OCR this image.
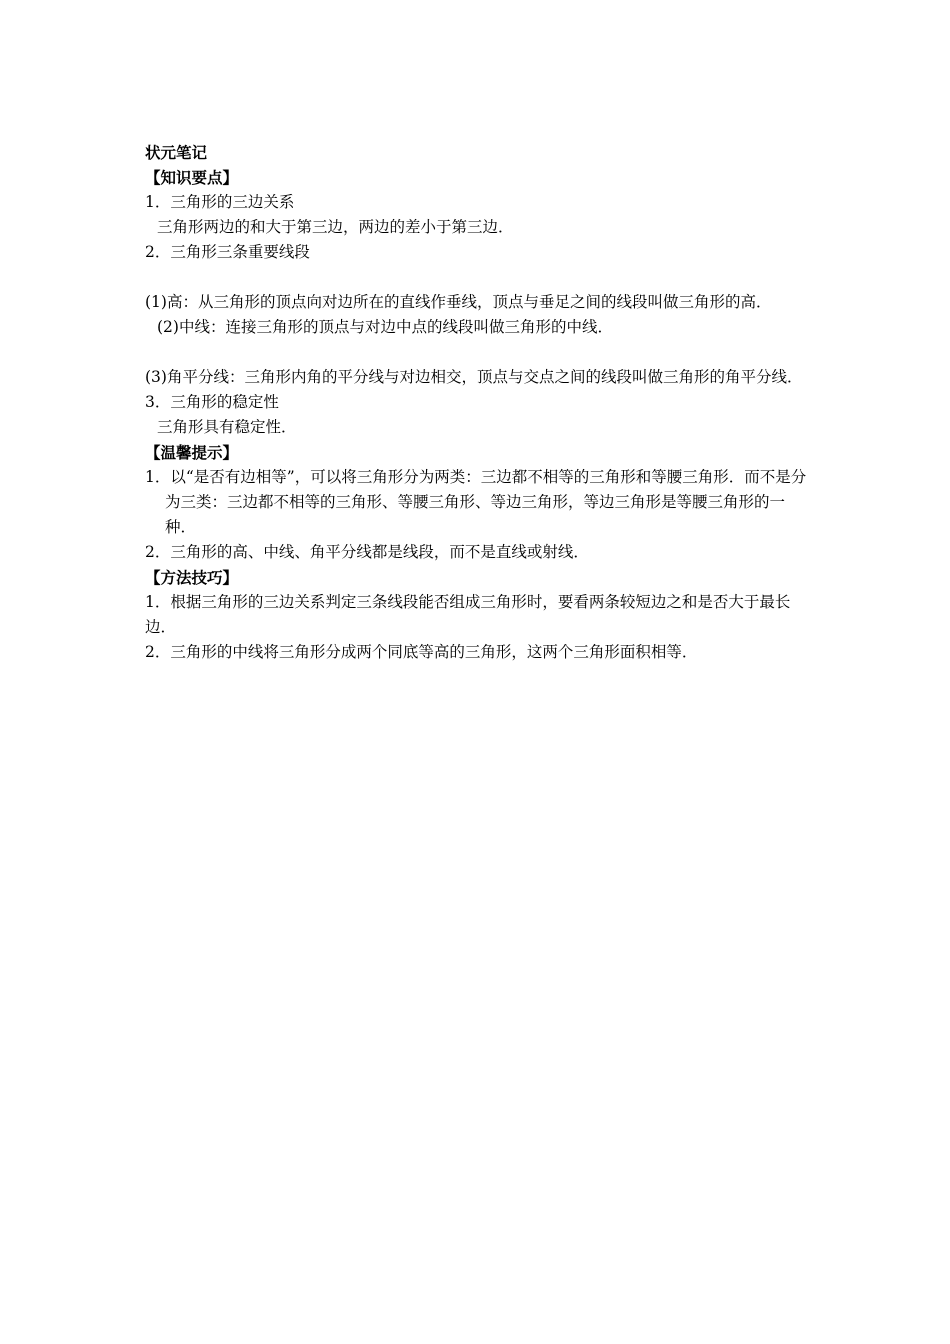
状元笔记
【知识要点】
1．三角形的三边关系
三角形两边的和大于第三边，两边的差小于第三边．
2．三角形三条重要线段
(1)高：从三角形的顶点向对边所在的直线作垂线，顶点与垂足之间的线段叫做三角形的高．
(2)中线：连接三角形的顶点与对边中点的线段叫做三角形的中线．
(3)角平分线：三角形内角的平分线与对边相交，顶点与交点之间的线段叫做三角形的角平分线．
3．三角形的稳定性
三角形具有稳定性．
【温馨提示】
1．以“是否有边相等”，可以将三角形分为两类：三边都不相等的三角形和等腰三角形．而不是分为三类：三边都不相等的三角形、等腰三角形、等边三角形，等边三角形是等腰三角形的一种．
2．三角形的高、中线、角平分线都是线段，而不是直线或射线．
【方法技巧】
1．根据三角形的三边关系判定三条线段能否组成三角形时，要看两条较短边之和是否大于最长边．
2．三角形的中线将三角形分成两个同底等高的三角形，这两个三角形面积相等．
